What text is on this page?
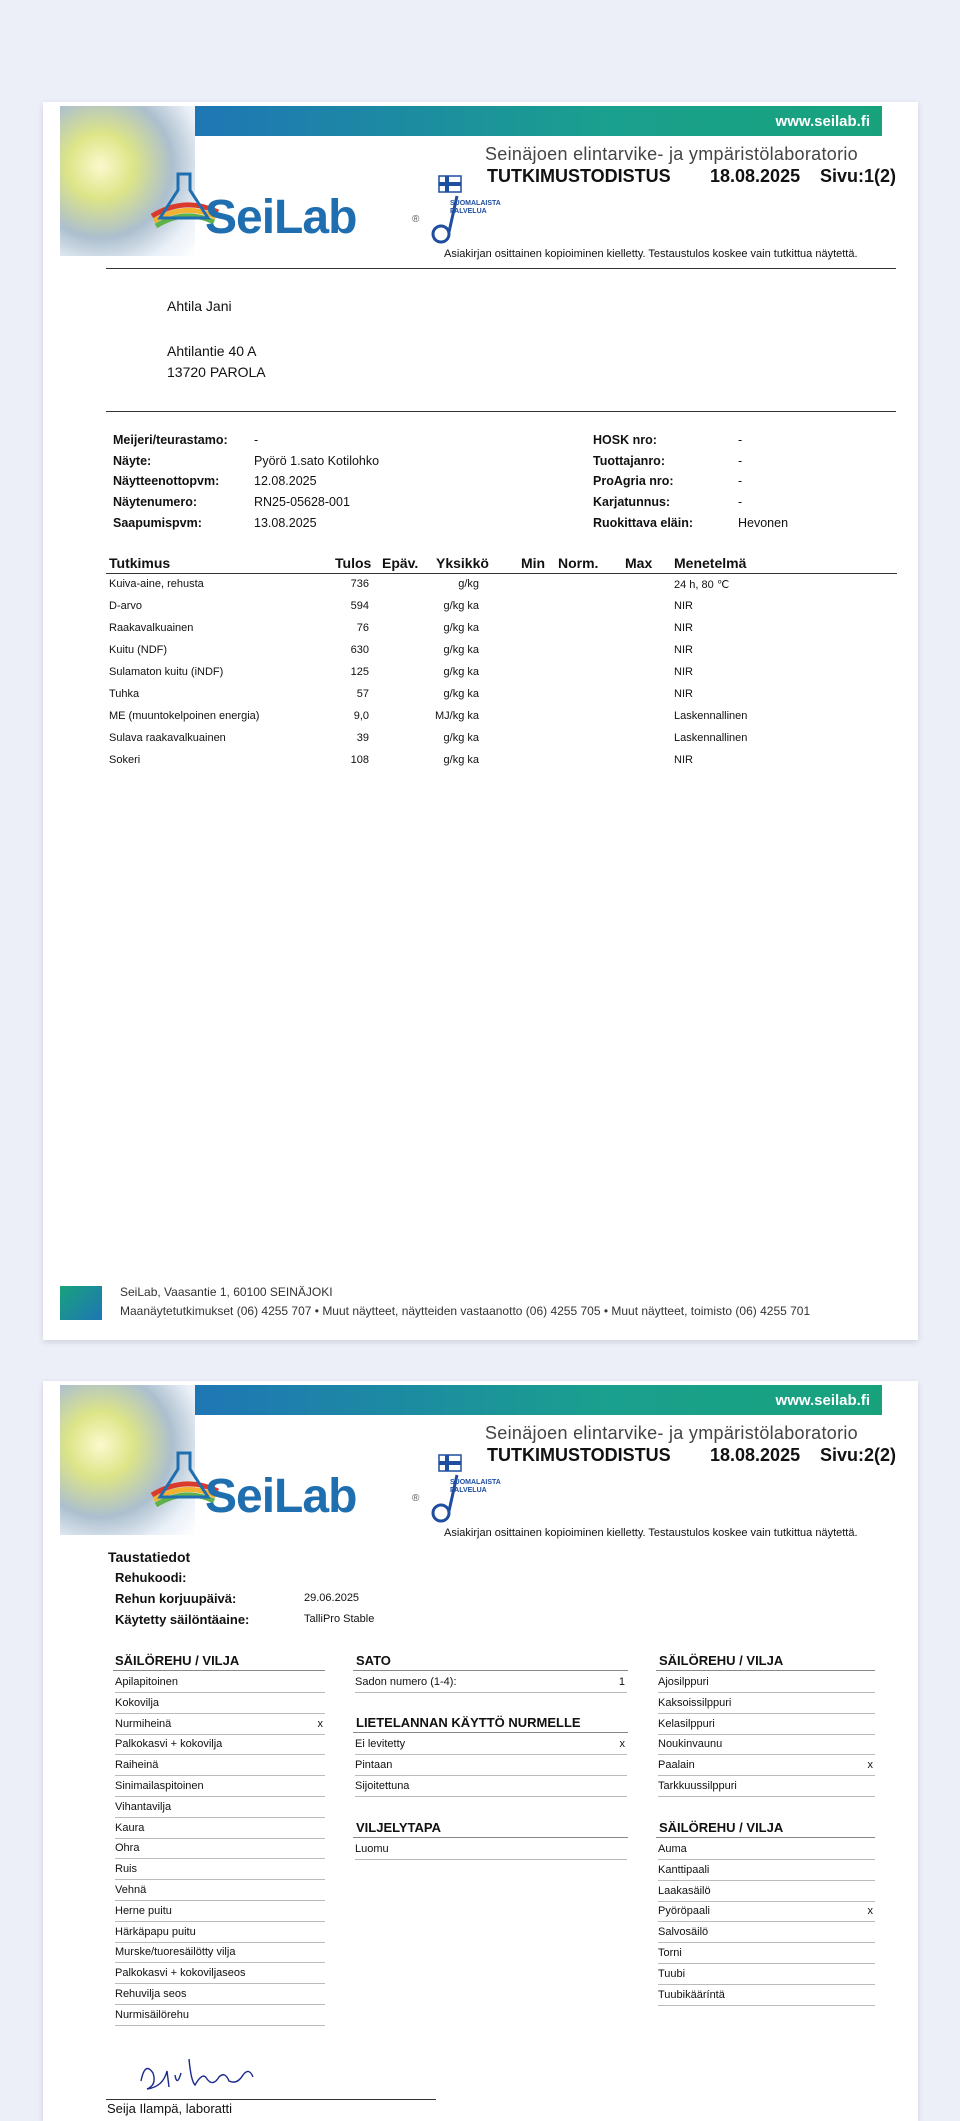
www.seilab.fi
SeiLab	®
SUOMALAISTA PALVELUA
Seinäjoen elintarvike- ja ympäristölaboratorio
TUTKIMUSTODISTUS 18.08.2025 Sivu:1(2)
Asiakirjan osittainen kopioiminen kielletty. Testaustulos koskee vain tutkittua näytettä.
Ahtila Jani
Ahtilantie 40 A
13720 PAROLA
Meijeri/teurastamo: -
Näyte:	Pyörö 1.sato Kotilohko
Näytteenottopvm:	12.08.2025
Näytenumero:	RN25-05628-001
Saapumispvm:	13.08.2025
HOSK nro:	-
Tuottajanro:	-
ProAgria nro:	-
Karjatunnus:	-
Ruokittava eläin:	Hevonen
Tutkimus	Tulos Epäv. Yksikkö Min Norm. Max Menetelmä
Kuiva-aine, rehusta	736	g/kg	24 h, 80 ℃
D-arvo	594	g/kg ka	NIR
Raakavalkuainen	76	g/kg ka	NIR
Kuitu (NDF)	630	g/kg ka	NIR
Sulamaton kuitu (iNDF)	125	g/kg ka	NIR
Tuhka	57	g/kg ka	NIR
ME (muuntokelpoinen energia)	9,0	MJ/kg ka	Laskennallinen
Sulava raakavalkuainen	39	g/kg ka	Laskennallinen
Sokeri	108	g/kg ka	NIR
SeiLab, Vaasantie 1, 60100 SEINÄJOKI
Maanäytetutkimukset (06) 4255 707 • Muut näytteet, näytteiden vastaanotto (06) 4255 705 • Muut näytteet, toimisto (06) 4255 701
www.seilab.fi
SeiLab	®
SUOMALAISTA PALVELUA
Seinäjoen elintarvike- ja ympäristölaboratorio
TUTKIMUSTODISTUS 18.08.2025 Sivu:2(2)
Asiakirjan osittainen kopioiminen kielletty. Testaustulos koskee vain tutkittua näytettä.
Taustatiedot
Rehukoodi:
Rehun korjuupäivä:	29.06.2025
Käytetty säilöntäaine:	TalliPro Stable
SÄILÖREHU / VILJA
Apilapitoinen
Kokovilja
Nurmiheinä	x
Palkokasvi + kokovilja
Raiheinä
Sinimailaspitoinen
Vihantavilja
Kaura
Ohra
Ruis
Vehnä
Herne puitu
Härkäpapu puitu
Murske/tuoresäilötty vilja
Palkokasvi + kokoviljaseos
Rehuvilja seos
Nurmisäilörehu
SATO
Sadon numero (1-4):	1
LIETELANNAN KÄYTTÖ NURMELLE
Ei levitetty	x
Pintaan
Sijoitettuna
VILJELYTAPA
Luomu
SÄILÖREHU / VILJA
Ajosilppuri
Kaksoissilppuri
Kelasilppuri
Noukinvaunu
Paalain	x
Tarkkuussilppuri
SÄILÖREHU / VILJA
Auma
Kanttipaali
Laakasäilö
Pyöröpaali	x
Salvosäilö
Torni
Tuubi
Tuubikääríntä
Seija Ilampä, laboratti
